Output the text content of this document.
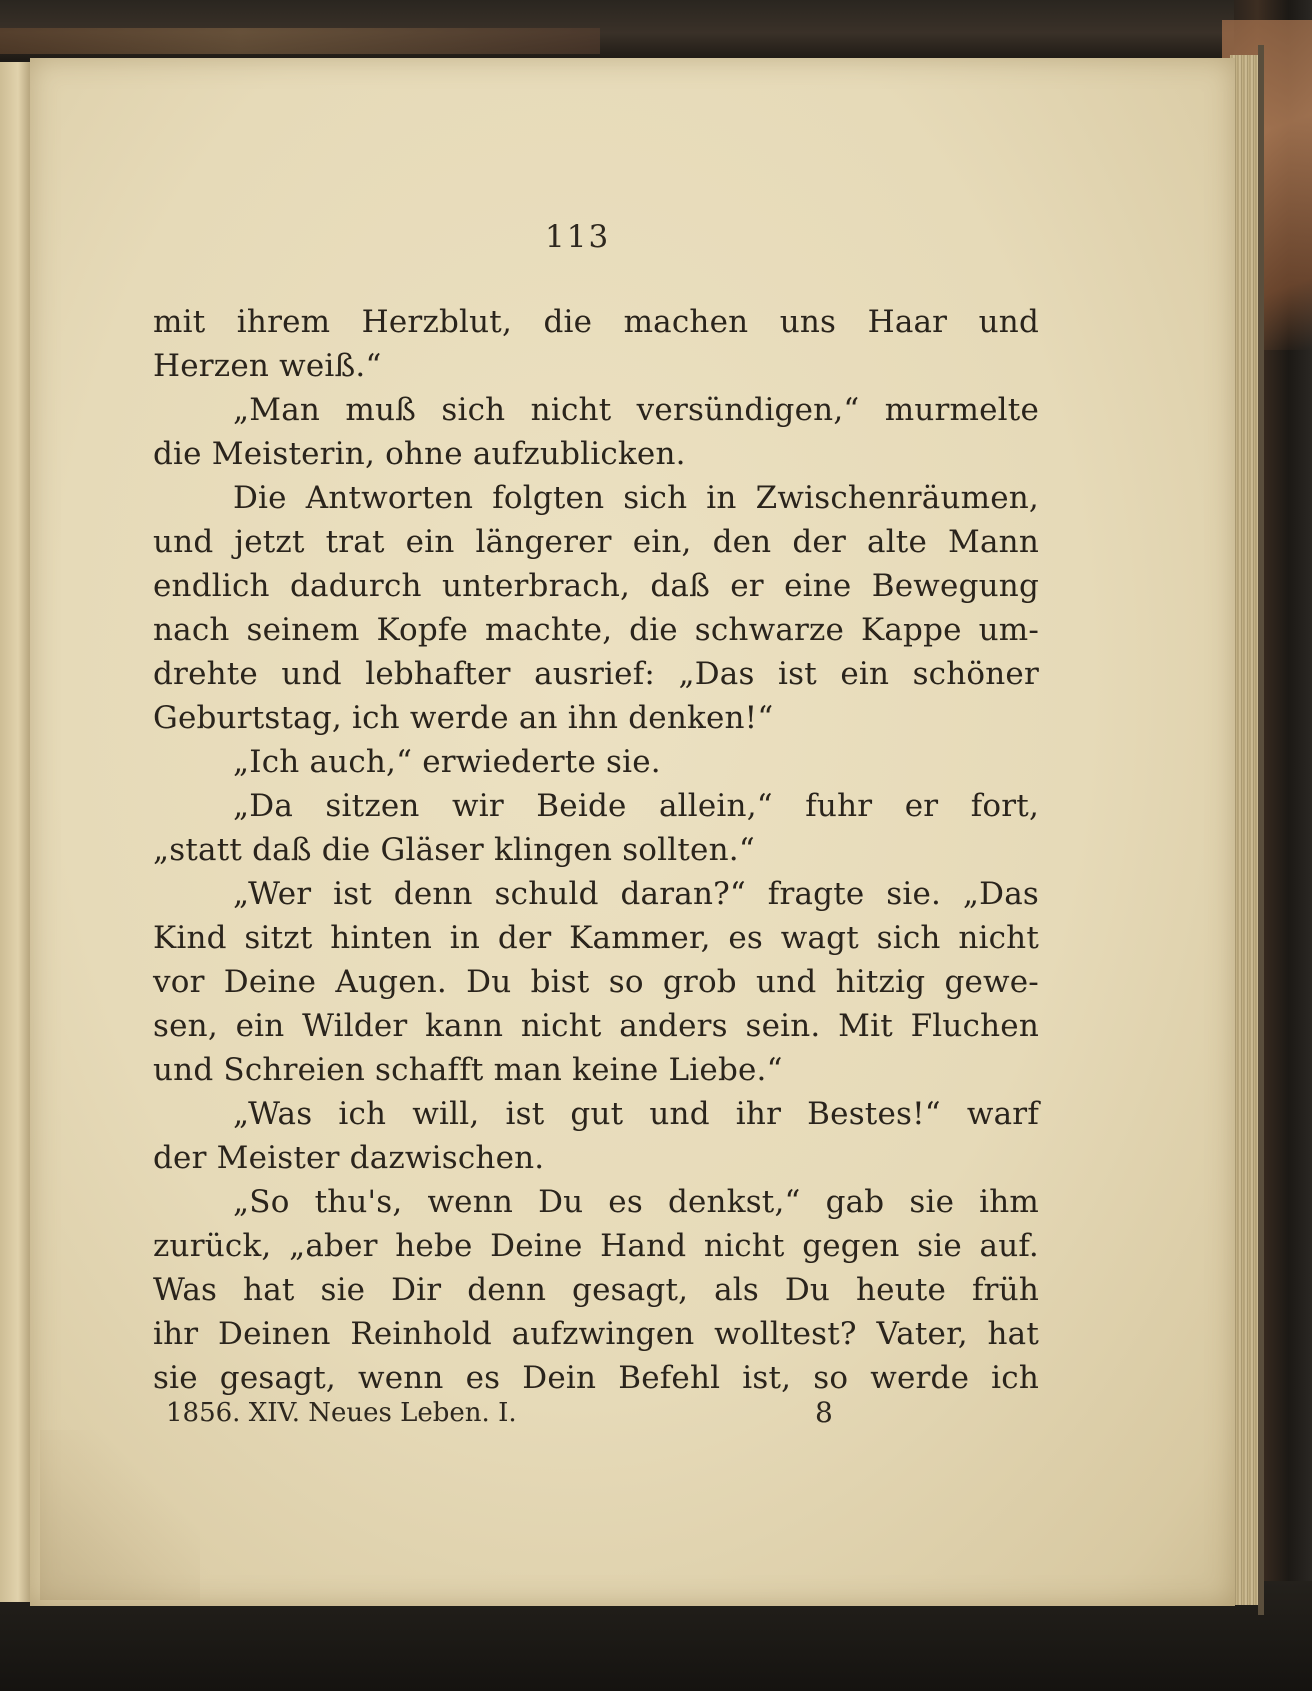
113

mit ihrem Herzblut, die machen uns Haar und

Herzen weiß.“

„Man muß sich nicht versündigen,“ murmelte

die Meisterin, ohne aufzublicken.

Die Antworten folgten sich in Zwischenräumen,

und jetzt trat ein längerer ein, den der alte Mann

endlich dadurch unterbrach, daß er eine Bewegung

nach seinem Kopfe machte, die schwarze Kappe um-

drehte und lebhafter ausrief: „Das ist ein schöner

Geburtstag, ich werde an ihn denken!“

„Ich auch,“ erwiederte sie.

„Da sitzen wir Beide allein,“ fuhr er fort,

„statt daß die Gläser klingen sollten.“

„Wer ist denn schuld daran?“ fragte sie. „Das

Kind sitzt hinten in der Kammer, es wagt sich nicht

vor Deine Augen. Du bist so grob und hitzig gewe-

sen, ein Wilder kann nicht anders sein. Mit Fluchen

und Schreien schafft man keine Liebe.“

„Was ich will, ist gut und ihr Bestes!“ warf

der Meister dazwischen.

„So thu's, wenn Du es denkst,“ gab sie ihm

zurück, „aber hebe Deine Hand nicht gegen sie auf.

Was hat sie Dir denn gesagt, als Du heute früh

ihr Deinen Reinhold aufzwingen wolltest? Vater, hat

sie gesagt, wenn es Dein Befehl ist, so werde ich

1856. XIV. Neues Leben. I.	8
